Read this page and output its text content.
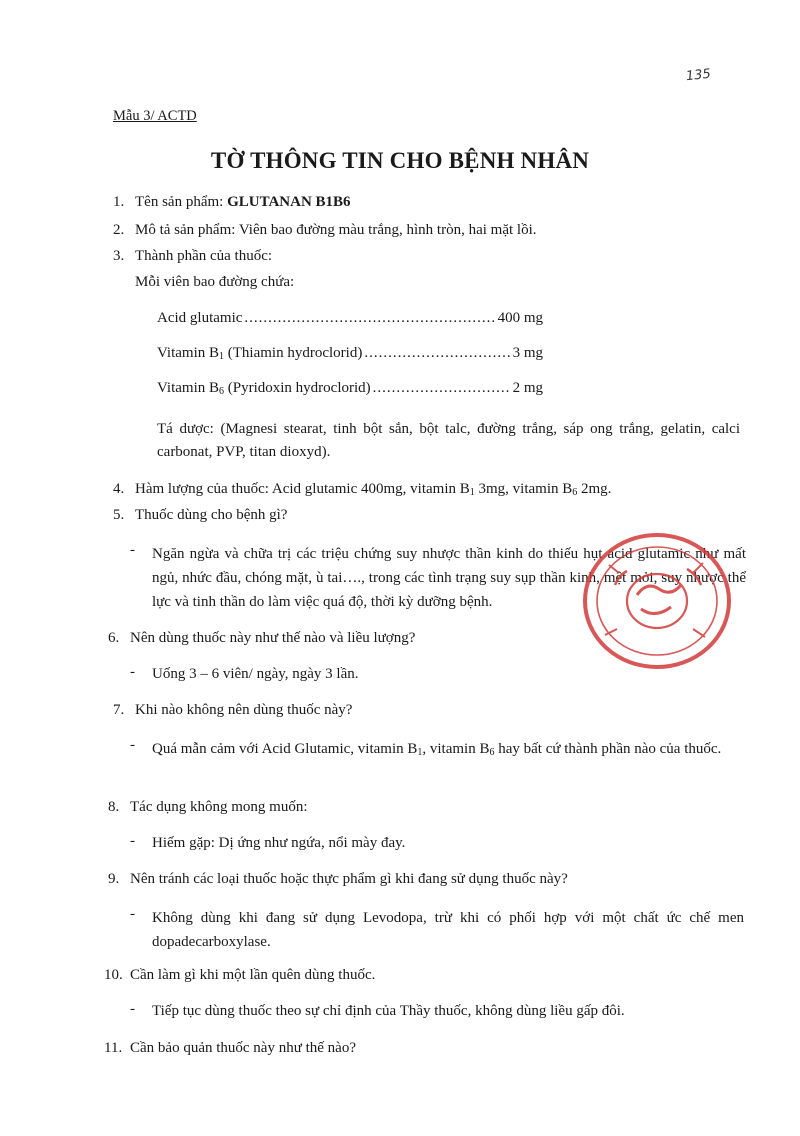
135
Mẫu 3/ ACTD
TỜ THÔNG TIN CHO BỆNH NHÂN
1. Tên sản phẩm: GLUTANAN B1B6
2. Mô tả sản phẩm: Viên bao đường màu trắng, hình tròn, hai mặt lồi.
3. Thành phần của thuốc:
Mỗi viên bao đường chứa:
Acid glutamic .....	400 mg
Vitamin $B_1$ (Thiamin hydroclorid) .....	3 mg
Vitamin $B_6$ (Pyridoxin hydroclorid) .....	2 mg
Tá dược: (Magnesi stearat, tinh bột sắn, bột talc, đường trắng, sáp ong trắng, gelatin, calci carbonat, PVP, titan dioxyd).
4. Hàm lượng của thuốc: Acid glutamic 400mg, vitamin $B_1$ 3mg, vitamin $B_6$ 2mg.
5. Thuốc dùng cho bệnh gì?
- Ngăn ngừa và chữa trị các triệu chứng suy nhược thần kinh do thiếu hụt acid glutamic như mất ngủ, nhức đầu, chóng mặt, ù tai…., trong các tình trạng suy sụp thần kinh, mệt mỏi, suy nhược thể lực và tinh thần do làm việc quá độ, thời kỳ dưỡng bệnh.
6. Nên dùng thuốc này như thế nào và liều lượng?
- Uống 3 – 6 viên/ ngày, ngày 3 lần.
7. Khi nào không nên dùng thuốc này?
- Quá mẫn cảm với Acid Glutamic, vitamin $B_1$, vitamin $B_6$ hay bất cứ thành phần nào của thuốc.
8. Tác dụng không mong muốn:
- Hiếm gặp: Dị ứng như ngứa, nổi mày đay.
9. Nên tránh các loại thuốc hoặc thực phẩm gì khi đang sử dụng thuốc này?
- Không dùng khi đang sử dụng Levodopa, trừ khi có phối hợp với một chất ức chế men dopadecarboxylase.
10. Cần làm gì khi một lần quên dùng thuốc.
- Tiếp tục dùng thuốc theo sự chỉ định của Thầy thuốc, không dùng liều gấp đôi.
11. Cần bảo quản thuốc này như thế nào?
